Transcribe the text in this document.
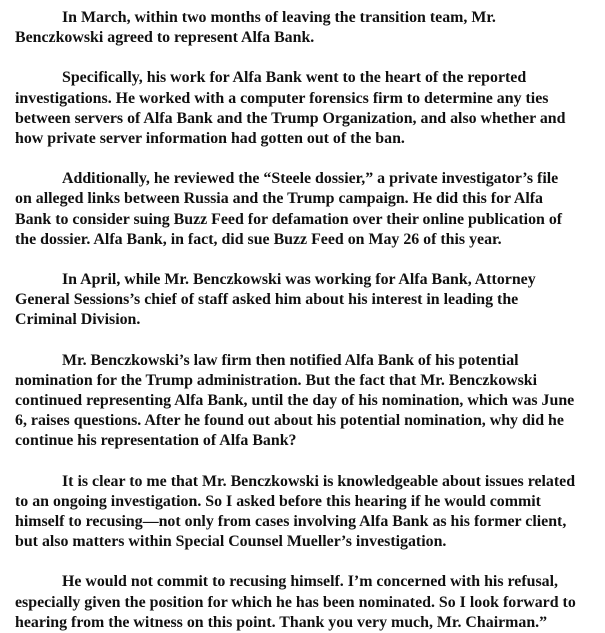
In March, within two months of leaving the transition team, Mr.
Benczkowski agreed to represent Alfa Bank.

Specifically, his work for Alfa Bank went to the heart of the reported
investigations. He worked with a computer forensics firm to determine any ties
between servers of Alfa Bank and the Trump Organization, and also whether and
how private server information had gotten out of the ban.

Additionally, he reviewed the “Steele dossier,” a private investigator’s file
on alleged links between Russia and the Trump campaign. He did this for Alfa
Bank to consider suing Buzz Feed for defamation over their online publication of
the dossier. Alfa Bank, in fact, did sue Buzz Feed on May 26 of this year.

In April, while Mr. Benczkowski was working for Alfa Bank, Attorney
General Sessions’s chief of staff asked him about his interest in leading the
Criminal Division.

Mr. Benczkowski’s law firm then notified Alfa Bank of his potential
nomination for the Trump administration. But the fact that Mr. Benczkowski
continued representing Alfa Bank, until the day of his nomination, which was June
6, raises questions. After he found out about his potential nomination, why did he
continue his representation of Alfa Bank?

It is clear to me that Mr. Benczkowski is knowledgeable about issues related
to an ongoing investigation. So I asked before this hearing if he would commit
himself to recusing—not only from cases involving Alfa Bank as his former client,
but also matters within Special Counsel Mueller’s investigation.

He would not commit to recusing himself. I’m concerned with his refusal,
especially given the position for which he has been nominated. So I look forward to
hearing from the witness on this point. Thank you very much, Mr. Chairman.”
